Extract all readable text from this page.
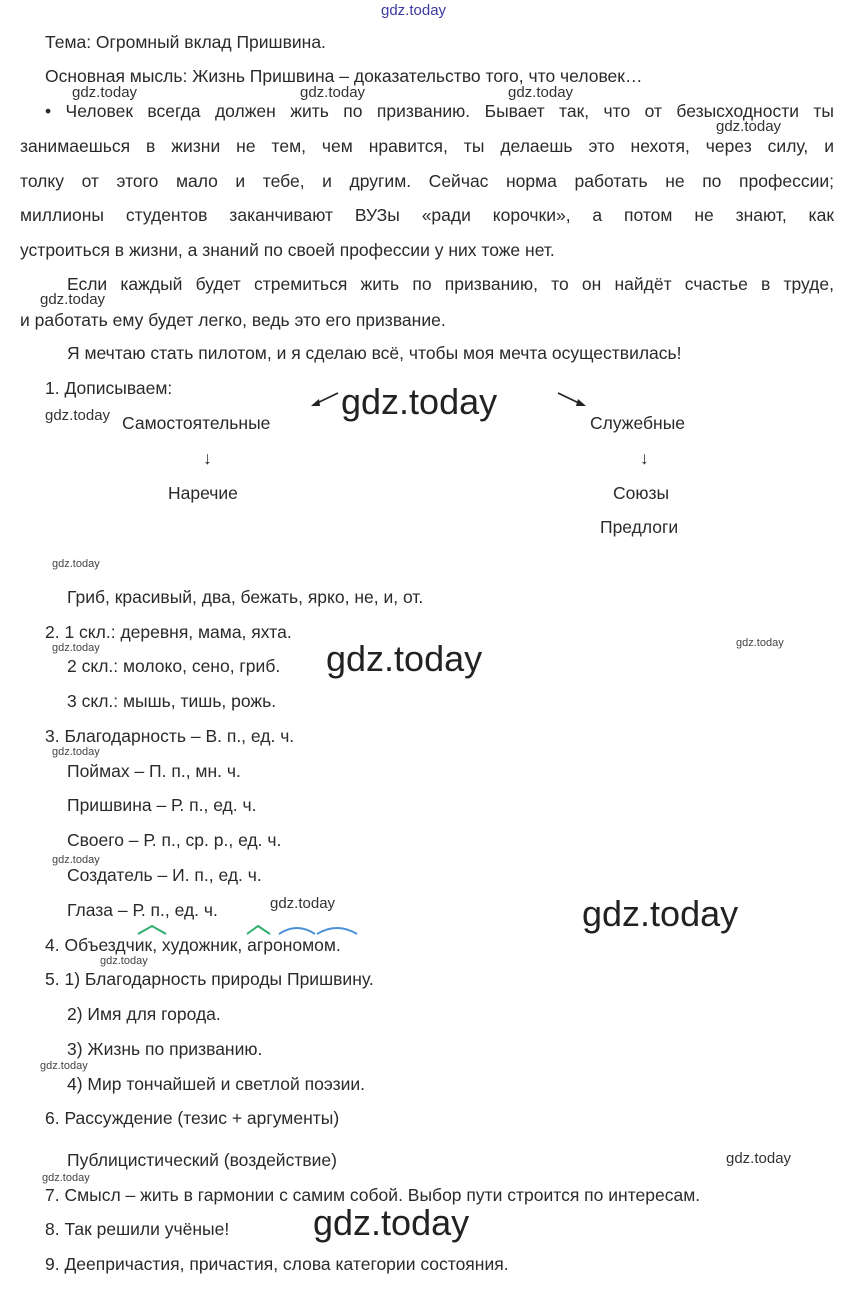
gdz.today
Тема: Огромный вклад Пришвина.
Основная мысль: Жизнь Пришвина – доказательство того, что человек…
• Человек всегда должен жить по призванию. Бывает так, что от безысходности ты
занимаешься в жизни не тем, чем нравится, ты делаешь это нехотя, через силу, и
толку от этого мало и тебе, и другим. Сейчас норма работать не по профессии;
миллионы студентов заканчивают ВУЗы «ради корочки», а потом не знают, как
устроиться в жизни, а знаний по своей профессии у них тоже нет.
Если каждый будет стремиться жить по призванию, то он найдёт счастье в труде,
и работать ему будет легко, ведь это его призвание.
Я мечтаю стать пилотом, и я сделаю всё, чтобы моя мечта осуществилась!
1. Дописываем:
Самостоятельные	Служебные
↓	↓
Наречие	Союзы
Предлоги
Гриб, красивый, два, бежать, ярко, не, и, от.
2. 1 скл.: деревня, мама, яхта.
2 скл.: молоко, сено, гриб.
3 скл.: мышь, тишь, рожь.
3. Благодарность – В. п., ед. ч.
Поймах – П. п., мн. ч.
Пришвина – Р. п., ед. ч.
Своего – Р. п., ср. р., ед. ч.
Создатель – И. п., ед. ч.
Глаза – Р. п., ед. ч.
4. Объездчик, художник, агрономом.
5. 1) Благодарность природы Пришвину.
2) Имя для города.
3) Жизнь по призванию.
4) Мир тончайшей и светлой поэзии.
6. Рассуждение (тезис + аргументы)
Публицистический (воздействие)
7. Смысл – жить в гармонии с самим собой. Выбор пути строится по интересам.
8. Так решили учёные!
9. Деепричастия, причастия, слова категории состояния.
gdz.today	gdz.today	gdz.today
gdz.today
gdz.today
gdz.today	gdz.today
gdz.today
gdz.today	gdz.today
gdz.today
gdz.today
gdz.today
gdz.today	gdz.today
gdz.today
gdz.today
gdz.today
gdz.today
gdz.today
